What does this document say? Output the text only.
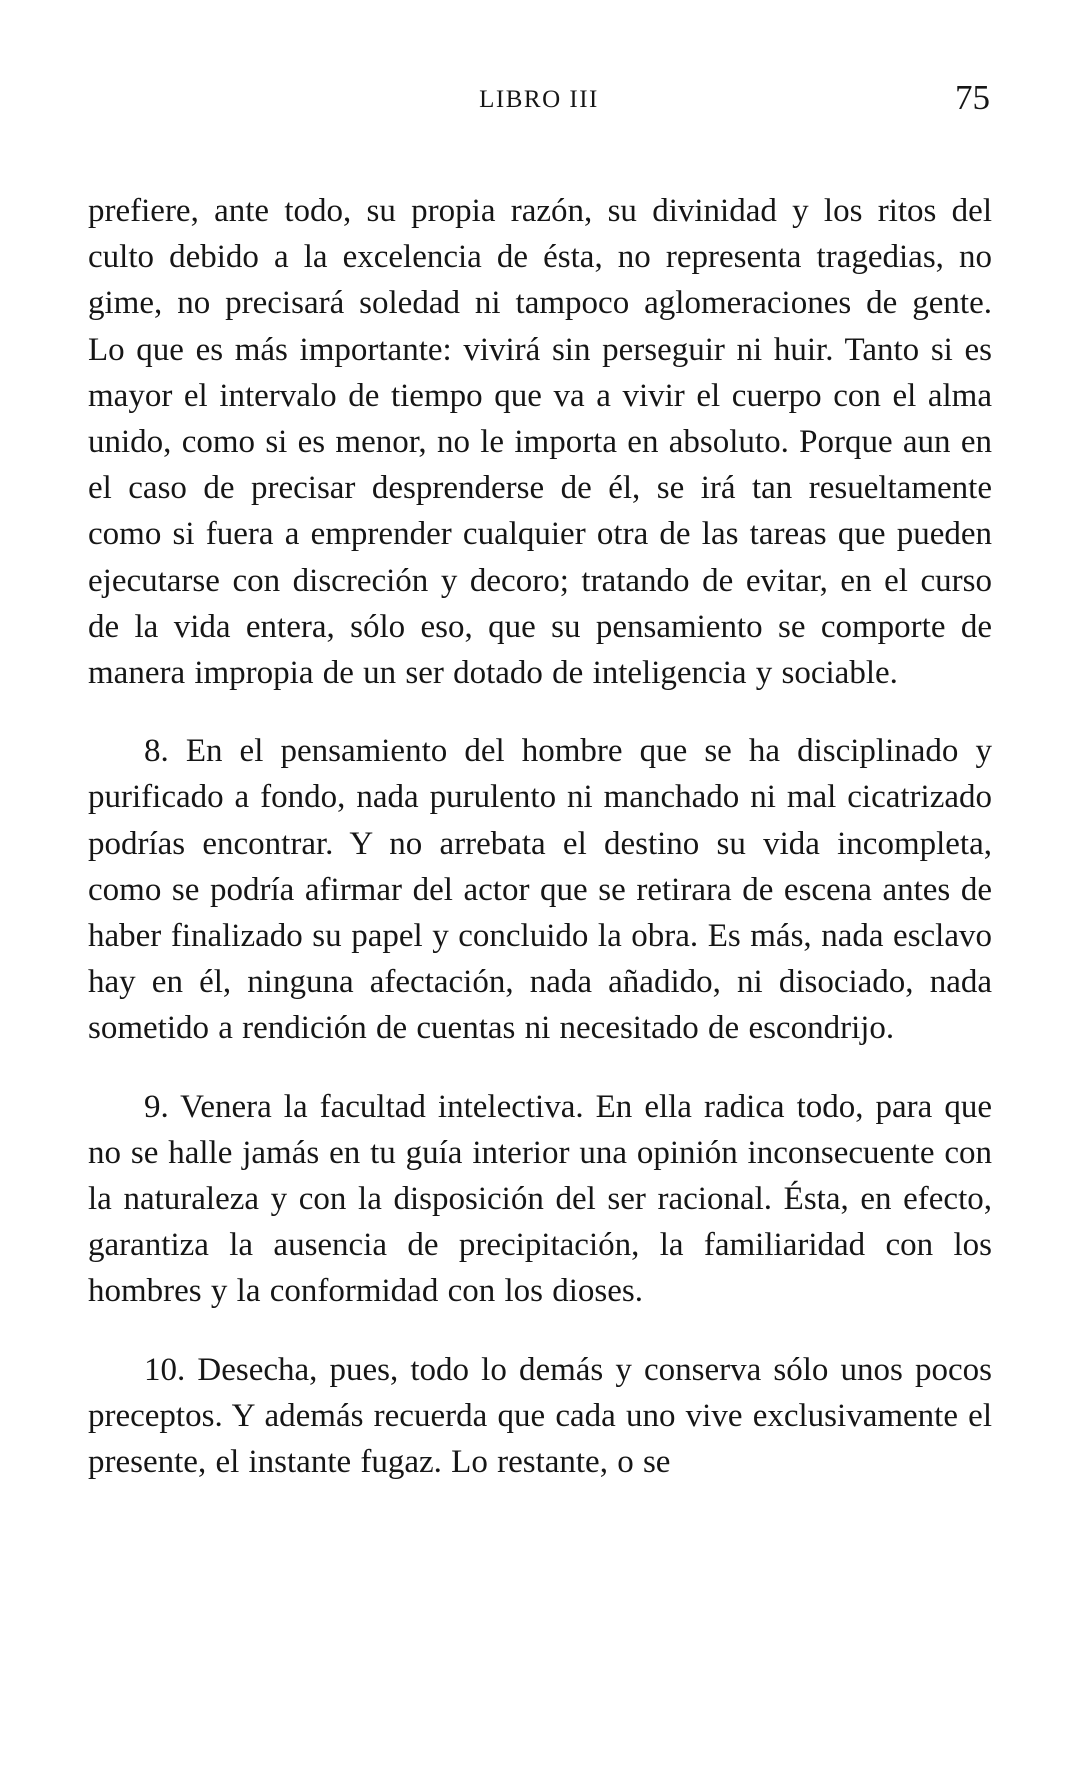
LIBRO III	75

prefiere, ante todo, su propia razón, su divinidad y los ritos del culto debido a la excelencia de ésta, no representa tragedias, no gime, no precisará soledad ni tampoco aglomeraciones de gente. Lo que es más importante: vivirá sin perseguir ni huir. Tanto si es mayor el intervalo de tiempo que va a vivir el cuerpo con el alma unido, como si es menor, no le importa en absoluto. Porque aun en el caso de precisar desprenderse de él, se irá tan resueltamente como si fuera a emprender cualquier otra de las tareas que pueden ejecutarse con discreción y decoro; tratando de evitar, en el curso de la vida entera, sólo eso, que su pensamiento se comporte de manera impropia de un ser dotado de inteligencia y sociable.

8. En el pensamiento del hombre que se ha disciplinado y purificado a fondo, nada purulento ni manchado ni mal cicatrizado podrías encontrar. Y no arrebata el destino su vida incompleta, como se podría afirmar del actor que se retirara de escena antes de haber finalizado su papel y concluido la obra. Es más, nada esclavo hay en él, ninguna afectación, nada añadido, ni disociado, nada sometido a rendición de cuentas ni necesitado de escondrijo.

9. Venera la facultad intelectiva. En ella radica todo, para que no se halle jamás en tu guía interior una opinión inconsecuente con la naturaleza y con la disposición del ser racional. Ésta, en efecto, garantiza la ausencia de precipitación, la familiaridad con los hombres y la conformidad con los dioses.

10. Desecha, pues, todo lo demás y conserva sólo unos pocos preceptos. Y además recuerda que cada uno vive exclusivamente el presente, el instante fugaz. Lo restante, o se
